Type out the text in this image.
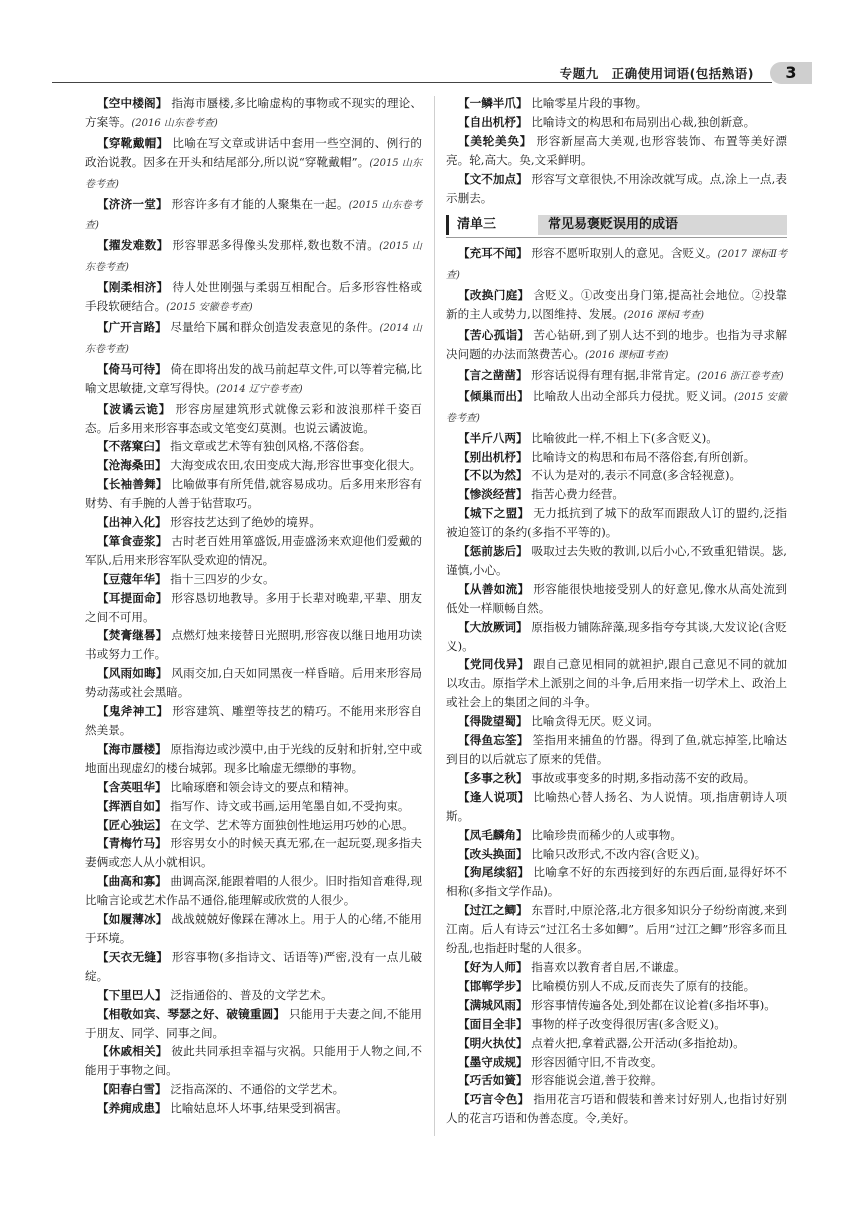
专题九　正确使用词语(包括熟语)	3

【空中楼阁】 指海市蜃楼,多比喻虚构的事物或不现实的理论、方案等。(2016 山东卷考查)

【穿靴戴帽】 比喻在写文章或讲话中套用一些空洞的、例行的政治说教。因多在开头和结尾部分,所以说“穿靴戴帽”。(2015 山东卷考查)

【济济一堂】 形容许多有才能的人聚集在一起。(2015 山东卷考查)

【擢发难数】 形容罪恶多得像头发那样,数也数不清。(2015 山东卷考查)

【刚柔相济】 待人处世刚强与柔弱互相配合。后多形容性格或手段软硬结合。(2015 安徽卷考查)

【广开言路】 尽量给下属和群众创造发表意见的条件。(2014 山东卷考查)

【倚马可待】 倚在即将出发的战马前起草文件,可以等着完稿,比喻文思敏捷,文章写得快。(2014 辽宁卷考查)

【波谲云诡】 形容房屋建筑形式就像云彩和波浪那样千姿百态。后多用来形容事态或文笔变幻莫测。也说云谲波诡。

【不落窠臼】 指文章或艺术等有独创风格,不落俗套。

【沧海桑田】 大海变成农田,农田变成大海,形容世事变化很大。

【长袖善舞】 比喻做事有所凭借,就容易成功。后多用来形容有财势、有手腕的人善于钻营取巧。

【出神入化】 形容技艺达到了绝妙的境界。

【箪食壶浆】 古时老百姓用箪盛饭,用壶盛汤来欢迎他们爱戴的军队,后用来形容军队受欢迎的情况。

【豆蔻年华】 指十三四岁的少女。

【耳提面命】 形容恳切地教导。多用于长辈对晚辈,平辈、朋友之间不可用。

【焚膏继晷】 点燃灯烛来接替日光照明,形容夜以继日地用功读书或努力工作。

【风雨如晦】 风雨交加,白天如同黑夜一样昏暗。后用来形容局势动荡或社会黑暗。

【鬼斧神工】 形容建筑、雕塑等技艺的精巧。不能用来形容自然美景。

【海市蜃楼】 原指海边或沙漠中,由于光线的反射和折射,空中或地面出现虚幻的楼台城郭。现多比喻虚无缥缈的事物。

【含英咀华】 比喻琢磨和领会诗文的要点和精神。

【挥洒自如】 指写作、诗文或书画,运用笔墨自如,不受拘束。

【匠心独运】 在文学、艺术等方面独创性地运用巧妙的心思。

【青梅竹马】 形容男女小的时候天真无邪,在一起玩耍,现多指夫妻俩或恋人从小就相识。

【曲高和寡】 曲调高深,能跟着唱的人很少。旧时指知音难得,现比喻言论或艺术作品不通俗,能理解或欣赏的人很少。

【如履薄冰】 战战兢兢好像踩在薄冰上。用于人的心绪,不能用于环境。

【天衣无缝】 形容事物(多指诗文、话语等)严密,没有一点儿破绽。

【下里巴人】 泛指通俗的、普及的文学艺术。

【相敬如宾、琴瑟之好、破镜重圆】 只能用于夫妻之间,不能用于朋友、同学、同事之间。

【休戚相关】 彼此共同承担幸福与灾祸。只能用于人物之间,不能用于事物之间。

【阳春白雪】 泛指高深的、不通俗的文学艺术。

【养痈成患】 比喻姑息坏人坏事,结果受到祸害。

【一鳞半爪】 比喻零星片段的事物。

【自出机杼】 比喻诗文的构思和布局别出心裁,独创新意。

【美轮美奂】 形容新屋高大美观,也形容装饰、布置等美好漂亮。轮,高大。奂,文采鲜明。

【文不加点】 形容写文章很快,不用涂改就写成。点,涂上一点,表示删去。

清单三	常见易褒贬误用的成语

【充耳不闻】 形容不愿听取别人的意见。含贬义。(2017 课标Ⅱ考查)

【改换门庭】 含贬义。①改变出身门第,提高社会地位。②投靠新的主人或势力,以图维持、发展。(2016 课标Ⅰ考查)

【苦心孤诣】 苦心钻研,到了别人达不到的地步。也指为寻求解决问题的办法而煞费苦心。(2016 课标Ⅱ考查)

【言之凿凿】 形容话说得有理有据,非常肯定。(2016 浙江卷考查)

【倾巢而出】 比喻敌人出动全部兵力侵扰。贬义词。(2015 安徽卷考查)

【半斤八两】 比喻彼此一样,不相上下(多含贬义)。

【别出机杼】 比喻诗文的构思和布局不落俗套,有所创新。

【不以为然】 不认为是对的,表示不同意(多含轻视意)。

【惨淡经营】 指苦心费力经营。

【城下之盟】 无力抵抗到了城下的敌军而跟敌人订的盟约,泛指被迫签订的条约(多指不平等的)。

【惩前毖后】 吸取过去失败的教训,以后小心,不致重犯错误。毖,谨慎,小心。

【从善如流】 形容能很快地接受别人的好意见,像水从高处流到低处一样顺畅自然。

【大放厥词】 原指极力铺陈辞藻,现多指夸夸其谈,大发议论(含贬义)。

【党同伐异】 跟自己意见相同的就袒护,跟自己意见不同的就加以攻击。原指学术上派别之间的斗争,后用来指一切学术上、政治上或社会上的集团之间的斗争。

【得陇望蜀】 比喻贪得无厌。贬义词。

【得鱼忘筌】 筌指用来捕鱼的竹器。得到了鱼,就忘掉筌,比喻达到目的以后就忘了原来的凭借。

【多事之秋】 事故或事变多的时期,多指动荡不安的政局。

【逢人说项】 比喻热心替人扬名、为人说情。项,指唐朝诗人项斯。

【凤毛麟角】 比喻珍贵而稀少的人或事物。

【改头换面】 比喻只改形式,不改内容(含贬义)。

【狗尾续貂】 比喻拿不好的东西接到好的东西后面,显得好坏不相称(多指文学作品)。

【过江之鲫】 东晋时,中原沦落,北方很多知识分子纷纷南渡,来到江南。后人有诗云“过江名士多如鲫”。后用“过江之鲫”形容多而且纷乱,也指赶时髦的人很多。

【好为人师】 指喜欢以教育者自居,不谦虚。

【邯郸学步】 比喻模仿别人不成,反而丧失了原有的技能。

【满城风雨】 形容事情传遍各处,到处都在议论着(多指坏事)。

【面目全非】 事物的样子改变得很厉害(多含贬义)。

【明火执仗】 点着火把,拿着武器,公开活动(多指抢劫)。

【墨守成规】 形容因循守旧,不肯改变。

【巧舌如簧】 形容能说会道,善于狡辩。

【巧言令色】 指用花言巧语和假装和善来讨好别人,也指讨好别人的花言巧语和伪善态度。令,美好。
